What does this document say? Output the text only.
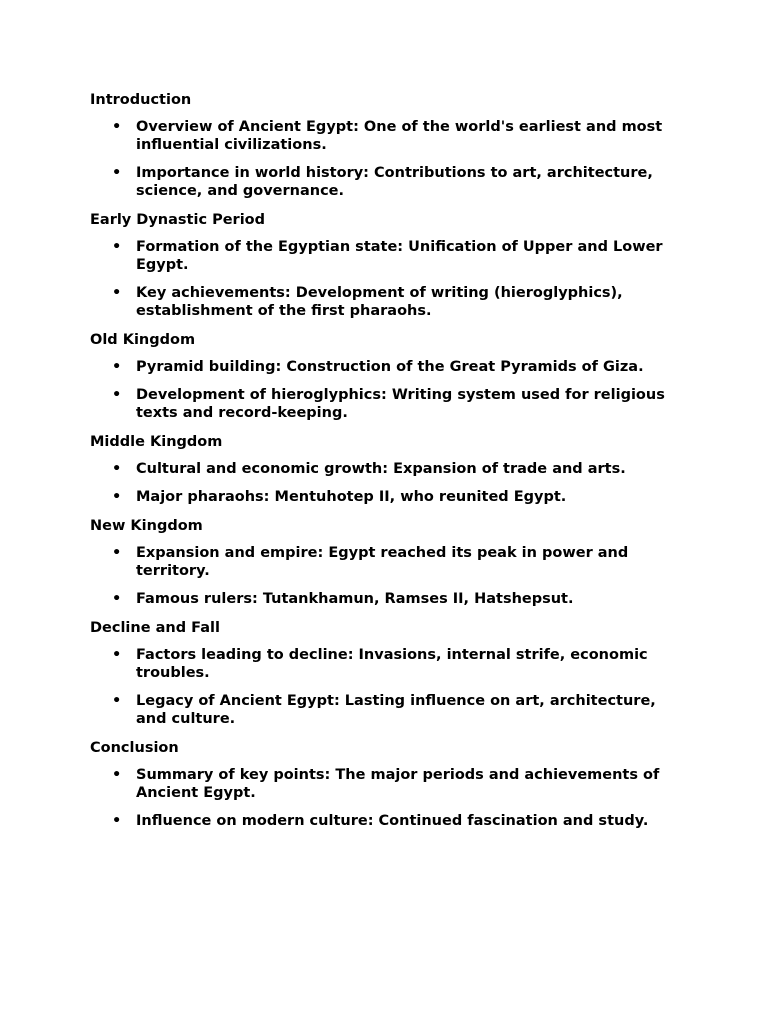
Introduction
• Overview of Ancient Egypt: One of the world's earliest and most influential civilizations.
• Importance in world history: Contributions to art, architecture, science, and governance.
Early Dynastic Period
• Formation of the Egyptian state: Unification of Upper and Lower Egypt.
• Key achievements: Development of writing (hieroglyphics), establishment of the first pharaohs.
Old Kingdom
• Pyramid building: Construction of the Great Pyramids of Giza.
• Development of hieroglyphics: Writing system used for religious texts and record-keeping.
Middle Kingdom
• Cultural and economic growth: Expansion of trade and arts.
• Major pharaohs: Mentuhotep II, who reunited Egypt.
New Kingdom
• Expansion and empire: Egypt reached its peak in power and territory.
• Famous rulers: Tutankhamun, Ramses II, Hatshepsut.
Decline and Fall
• Factors leading to decline: Invasions, internal strife, economic troubles.
• Legacy of Ancient Egypt: Lasting influence on art, architecture, and culture.
Conclusion
• Summary of key points: The major periods and achievements of Ancient Egypt.
• Influence on modern culture: Continued fascination and study.
